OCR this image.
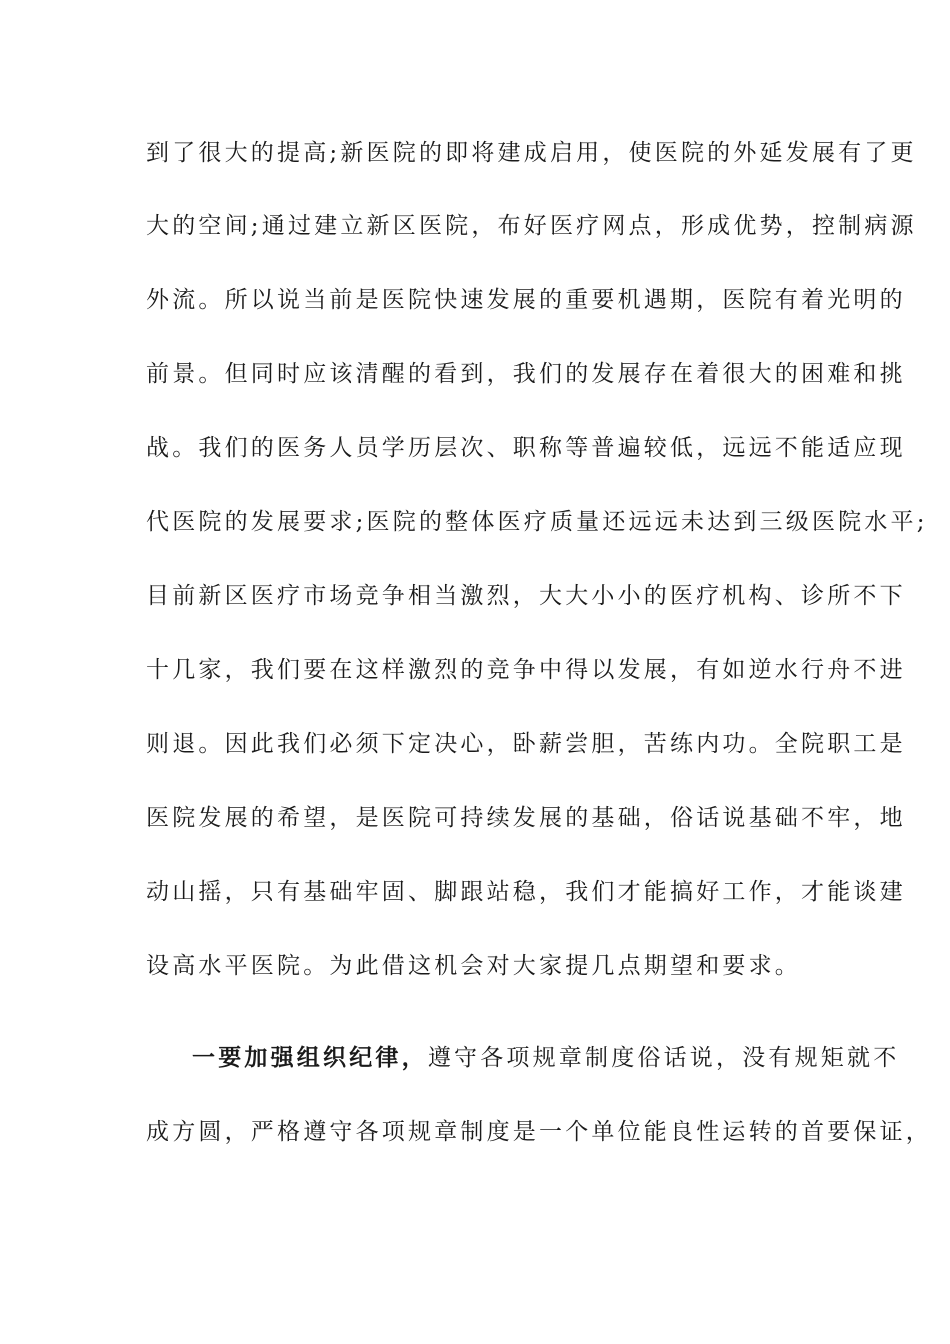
到了很大的提高;新医院的即将建成启用，使医院的外延发展有了更
大的空间;通过建立新区医院，布好医疗网点，形成优势，控制病源
外流。所以说当前是医院快速发展的重要机遇期，医院有着光明的
前景。但同时应该清醒的看到，我们的发展存在着很大的困难和挑
战。我们的医务人员学历层次、职称等普遍较低，远远不能适应现
代医院的发展要求;医院的整体医疗质量还远远未达到三级医院水平;
目前新区医疗市场竞争相当激烈，大大小小的医疗机构、诊所不下
十几家，我们要在这样激烈的竞争中得以发展，有如逆水行舟不进
则退。因此我们必须下定决心，卧薪尝胆，苦练内功。全院职工是
医院发展的希望，是医院可持续发展的基础，俗话说基础不牢，地
动山摇，只有基础牢固、脚跟站稳，我们才能搞好工作，才能谈建
设高水平医院。为此借这机会对大家提几点期望和要求。
一要加强组织纪律，遵守各项规章制度俗话说，没有规矩就不
成方圆，严格遵守各项规章制度是一个单位能良性运转的首要保证，
